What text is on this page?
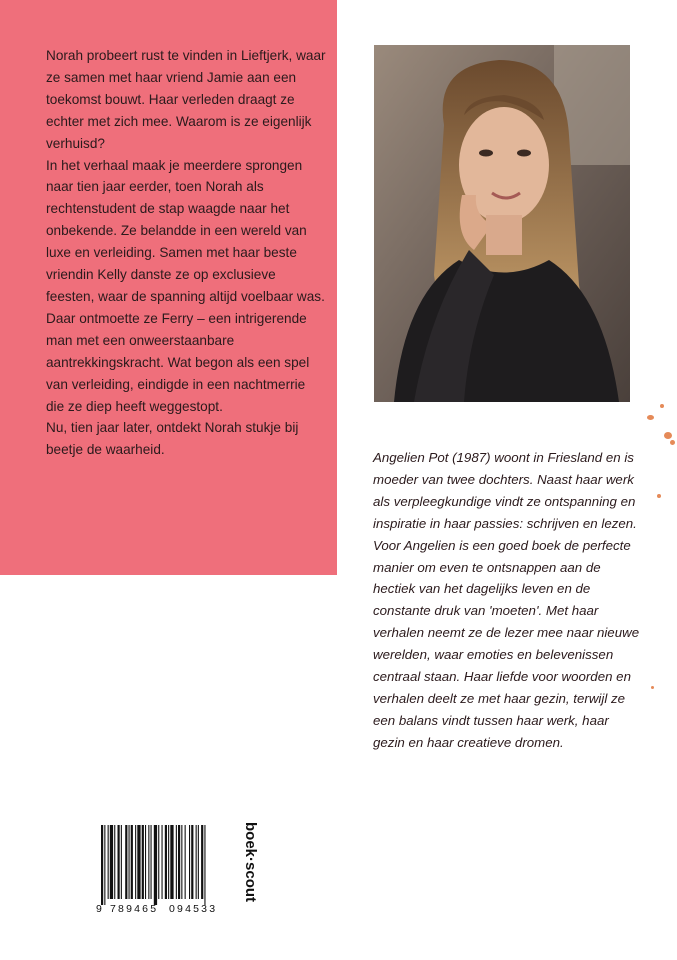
Norah probeert rust te vinden in Lieftjerk, waar ze samen met haar vriend Jamie aan een toekomst bouwt. Haar verleden draagt ze echter met zich mee. Waarom is ze eigenlijk verhuisd?

In het verhaal maak je meerdere sprongen naar tien jaar eerder, toen Norah als rechtenstudent de stap waagde naar het onbekende. Ze belandde in een wereld van luxe en verleiding. Samen met haar beste vriendin Kelly danste ze op exclusieve feesten, waar de spanning altijd voelbaar was. Daar ontmoette ze Ferry – een intrigerende man met een onweerstaanbare aantrekkingskracht. Wat begon als een spel van verleiding, eindigde in een nachtmerrie die ze diep heeft weggestopt.

Nu, tien jaar later, ontdekt Norah stukje bij beetje de waarheid.

Angelien Pot (1987) woont in Friesland en is moeder van twee dochters. Naast haar werk als verpleegkundige vindt ze ontspanning en inspiratie in haar passies: schrijven en lezen. Voor Angelien is een goed boek de perfecte manier om even te ontsnappen aan de hectiek van het dagelijks leven en de constante druk van 'moeten'. Met haar verhalen neemt ze de lezer mee naar nieuwe werelden, waar emoties en belevenissen centraal staan. Haar liefde voor woorden en verhalen deelt ze met haar gezin, terwijl ze een balans vindt tussen haar werk, haar gezin en haar creatieve dromen.
9 789465 094533
boek·scout
